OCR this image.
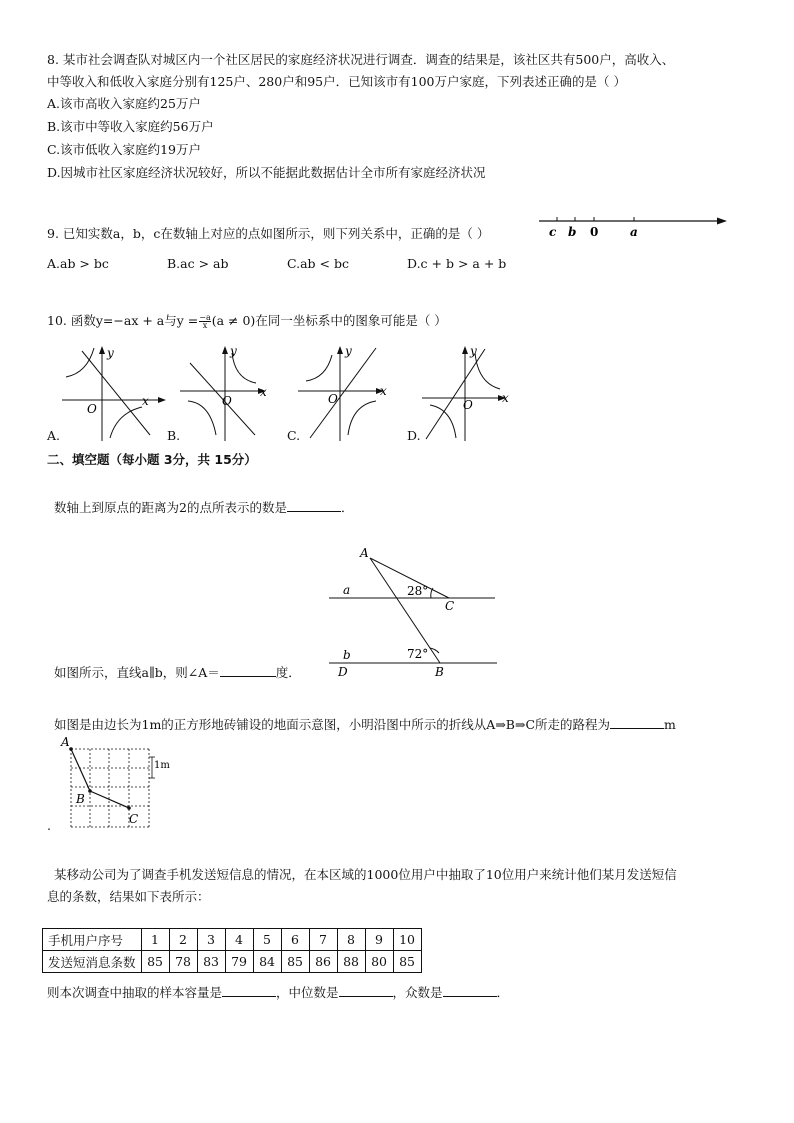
8. 某市社会调查队对城区内一个社区居民的家庭经济状况进行调查．调查的结果是，该社区共有500户，高收入、
中等收入和低收入家庭分别有125户、280户和95户．已知该市有100万户家庭，下列表述正确的是（ ）
A.该市高收入家庭约25万户
B.该市中等收入家庭约56万户
C.该市低收入家庭约19万户
D.因城市社区家庭经济状况较好，所以不能据此数据估计全市所有家庭经济状况
9. 已知实数a，b，c在数轴上对应的点如图所示，则下列关系中，正确的是（ ）	c b 0	a
A.ab > bc	B.ac > ab	C.ab < bc	D.c + b > a + b
10. 函数y=−ax + a与$y = \frac{-a}{x} (a \ne 0)$在同一坐标系中的图象可能是（ ）
x
y
O
A.
x
y
O
B.
x
y
O
C.
x
y
O
D.
二、填空题（每小题 3分，共 15分）
数轴上到原点的距离为2的点所表示的数是	．
A
a	28°
C
b	72°
D	B
如图所示，直线a∥b，则∠A＝	度．
如图是由边长为1m的正方形地砖铺设的地面示意图，小明沿图中所示的折线从A⇒B⇒C所走的路程为	m
A
B
C
1m
.
某移动公司为了调查手机发送短信息的情况，在本区域的1000位用户中抽取了10位用户来统计他们某月发送短信
息的条数，结果如下表所示：
手机用户序号	1	2	3	4	5	6	7	8	9	10
发送短消息条数	85	78	83	79	84	85	86	88	80	85
则本次调查中抽取的样本容量是	，中位数是	，众数是	．
